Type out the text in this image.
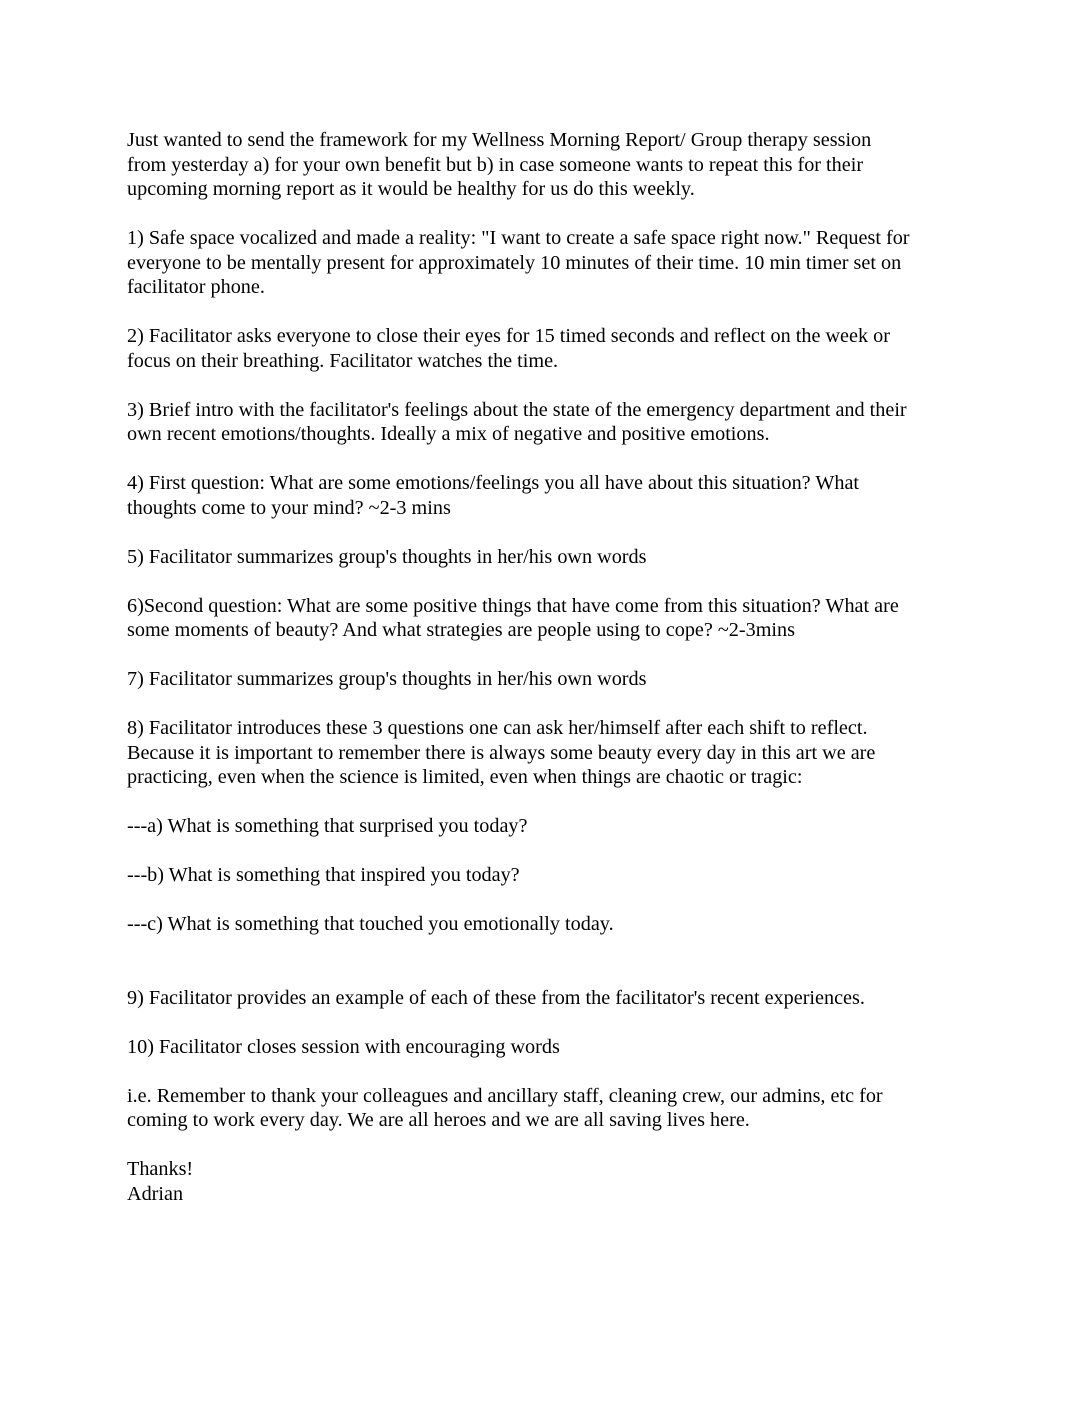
Just wanted to send the framework for my Wellness Morning Report/ Group therapy session
from yesterday a) for your own benefit but b) in case someone wants to repeat this for their
upcoming morning report as it would be healthy for us do this weekly.

1) Safe space vocalized and made a reality: "I want to create a safe space right now." Request for
everyone to be mentally present for approximately 10 minutes of their time. 10 min timer set on
facilitator phone.

2) Facilitator asks everyone to close their eyes for 15 timed seconds and reflect on the week or
focus on their breathing. Facilitator watches the time.

3) Brief intro with the facilitator's feelings about the state of the emergency department and their
own recent emotions/thoughts. Ideally a mix of negative and positive emotions.

4) First question: What are some emotions/feelings you all have about this situation? What
thoughts come to your mind? ~2-3 mins

5) Facilitator summarizes group's thoughts in her/his own words

6)Second question: What are some positive things that have come from this situation? What are
some moments of beauty? And what strategies are people using to cope? ~2-3mins

7) Facilitator summarizes group's thoughts in her/his own words

8) Facilitator introduces these 3 questions one can ask her/himself after each shift to reflect.
Because it is important to remember there is always some beauty every day in this art we are
practicing, even when the science is limited, even when things are chaotic or tragic:

---a) What is something that surprised you today?

---b) What is something that inspired you today?

---c) What is something that touched you emotionally today.

9) Facilitator provides an example of each of these from the facilitator's recent experiences.

10) Facilitator closes session with encouraging words

i.e. Remember to thank your colleagues and ancillary staff, cleaning crew, our admins, etc for
coming to work every day. We are all heroes and we are all saving lives here.

Thanks!

Adrian
